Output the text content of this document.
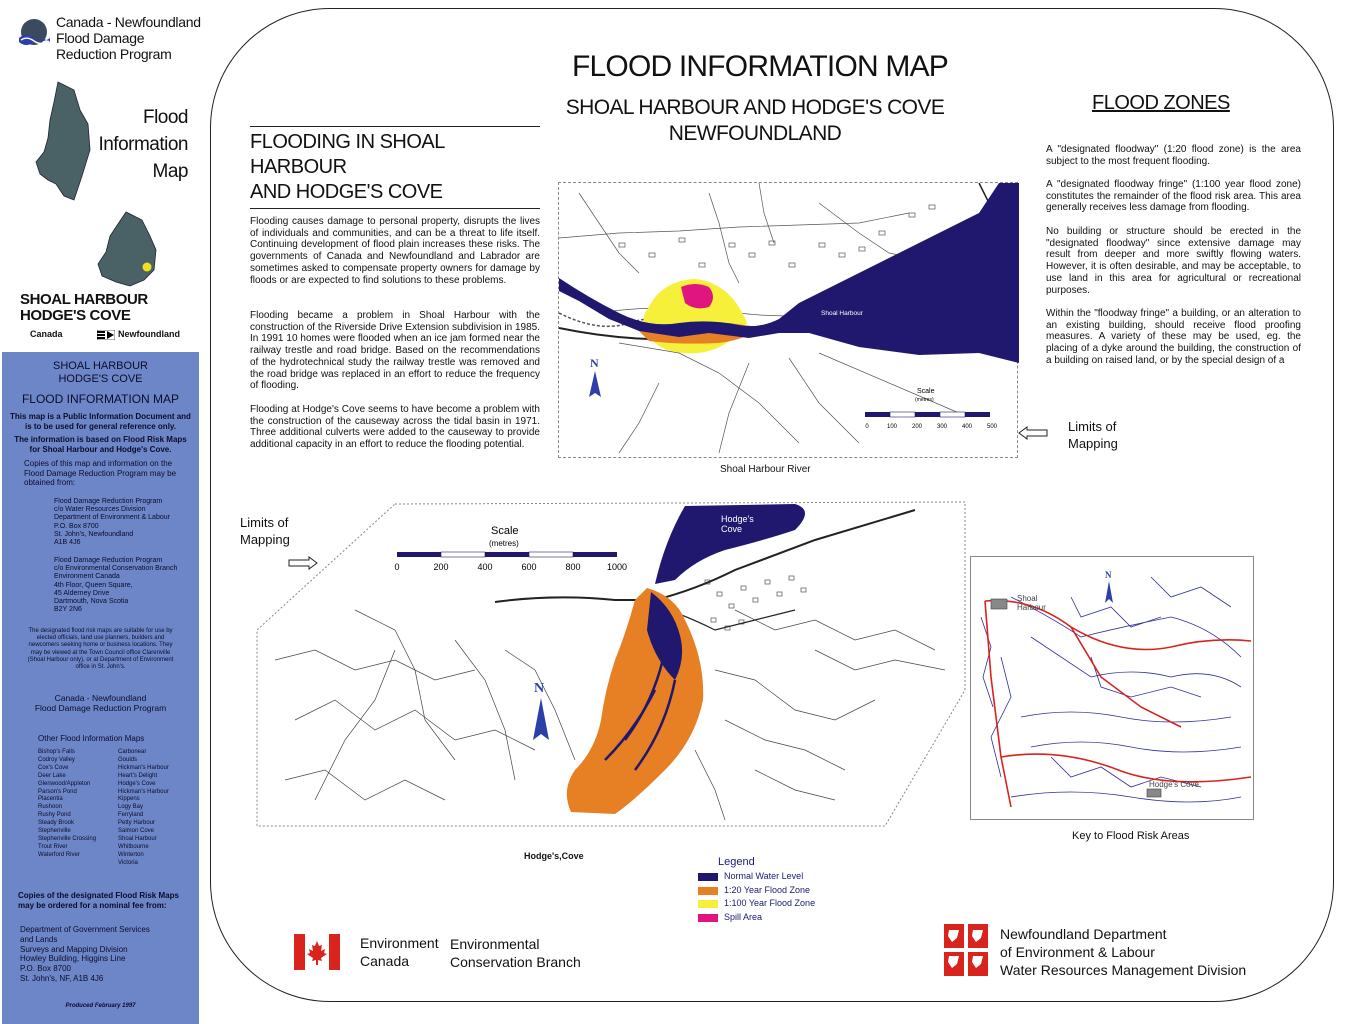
Canada - Newfoundland
Flood Damage
Reduction Program
Flood
Information
Map
SHOAL HARBOUR
HODGE'S COVE
Canada	Newfoundland
SHOAL HARBOUR
HODGE'S COVE
FLOOD INFORMATION MAP
This map is a Public Information Document and is to be used for general reference only.
The information is based on Flood Risk Maps for Shoal Harbour and Hodge's Cove.
Copies of this map and information on the Flood Damage Reduction Program may be obtained from:
Flood Damage Reduction Program
c/o Water Resources Division
Department of Environment & Labour
P.O. Box 8700
St. John's, Newfoundland
A1B 4J6
Flood Damage Reduction Program
c/o Environmental Conservation Branch
Environment Canada
4th Floor, Queen Square,
45 Alderney Drive
Dartmouth, Nova Scotia
B2Y 2N6
The designated flood risk maps are suitable for use by elected officials, land use planners, builders and newcomers seeking home or business locations. They may be viewed at the Town Council office Clarenville (Shoal Harbour only), or at Department of Environment office in St. John's.
Canada - Newfoundland
Flood Damage Reduction Program
Other Flood Information Maps
Bishop's Falls
Codroy Valley
Cox's Cove
Deer Lake
Glenwood/Appleton
Parson's Pond
Placentia
Rushoon
Rushy Pond
Steady Brook
Stephenville
Stephenville Crossing
Trout River
Waterford River
Carbonear
Goulds
Hickman's Harbour
Heart's Delight
Hodge's Cove
Hickman's Harbour
Kippens
Logy Bay
Ferryland
Petty Harbour
Salmon Cove
Shoal Harbour
Whitbourne
Winterton
Victoria
Copies of the designated Flood Risk Maps may be ordered for a nominal fee from:
Department of Government Services
and Lands
Surveys and Mapping Division
Howley Building, Higgins Line
P.O. Box 8700
St. John's, NF, A1B 4J6
Produced February 1997
FLOOD INFORMATION MAP
SHOAL HARBOUR AND HODGE'S COVE
NEWFOUNDLAND
FLOODING IN SHOAL HARBOUR
AND HODGE'S COVE
Flooding causes damage to personal property, disrupts the lives of individuals and communities, and can be a threat to life itself. Continuing development of flood plain increases these risks. The governments of Canada and Newfoundland and Labrador are sometimes asked to compensate property owners for damage by floods or are expected to find solutions to these problems.
Flooding became a problem in Shoal Harbour with the construction of the Riverside Drive Extension subdivision in 1985. In 1991 10 homes were flooded when an ice jam formed near the railway trestle and road bridge. Based on the recommendations of the hydrotechnical study the railway trestle was removed and the road bridge was replaced in an effort to reduce the frequency of flooding.
Flooding at Hodge's Cove seems to have become a problem with the construction of the causeway across the tidal basin in 1971. Three additional culverts were added to the causeway to provide additional capacity in an effort to reduce the flooding potential.
FLOOD ZONES
A "designated floodway" (1:20 flood zone) is the area subject to the most frequent flooding.
A "designated floodway fringe" (1:100 year flood zone) constitutes the remainder of the flood risk area. This area generally receives less damage from flooding.
No building or structure should be erected in the "designated floodway" since extensive damage may result from deeper and more swiftly flowing waters. However, it is often desirable, and may be acceptable, to use land in this area for agricultural or recreational purposes.
Within the "floodway fringe" a building, or an alteration to an existing building, should receive flood proofing measures. A variety of these may be used, eg. the placing of a dyke around the building, the construction of a building on raised land, or by the special design of a
Shoal Harbour
N
Scale
(metres)
0	100 200 300 400 500
Shoal Harbour River
Limits of
Mapping
Hodge's Cove
N
Scale
(metres)
0	200	400	600	800	1000
Limits of
Mapping
Hodge's,Cove
Shoal Harbour
Hodge's Cove
N
Key to Flood Risk Areas
Legend
Normal Water Level
1:20 Year Flood Zone
1:100 Year Flood Zone
Spill Area
Environment
Canada
Environmental
Conservation Branch
Newfoundland Department
of Environment & Labour
Water Resources Management Division
